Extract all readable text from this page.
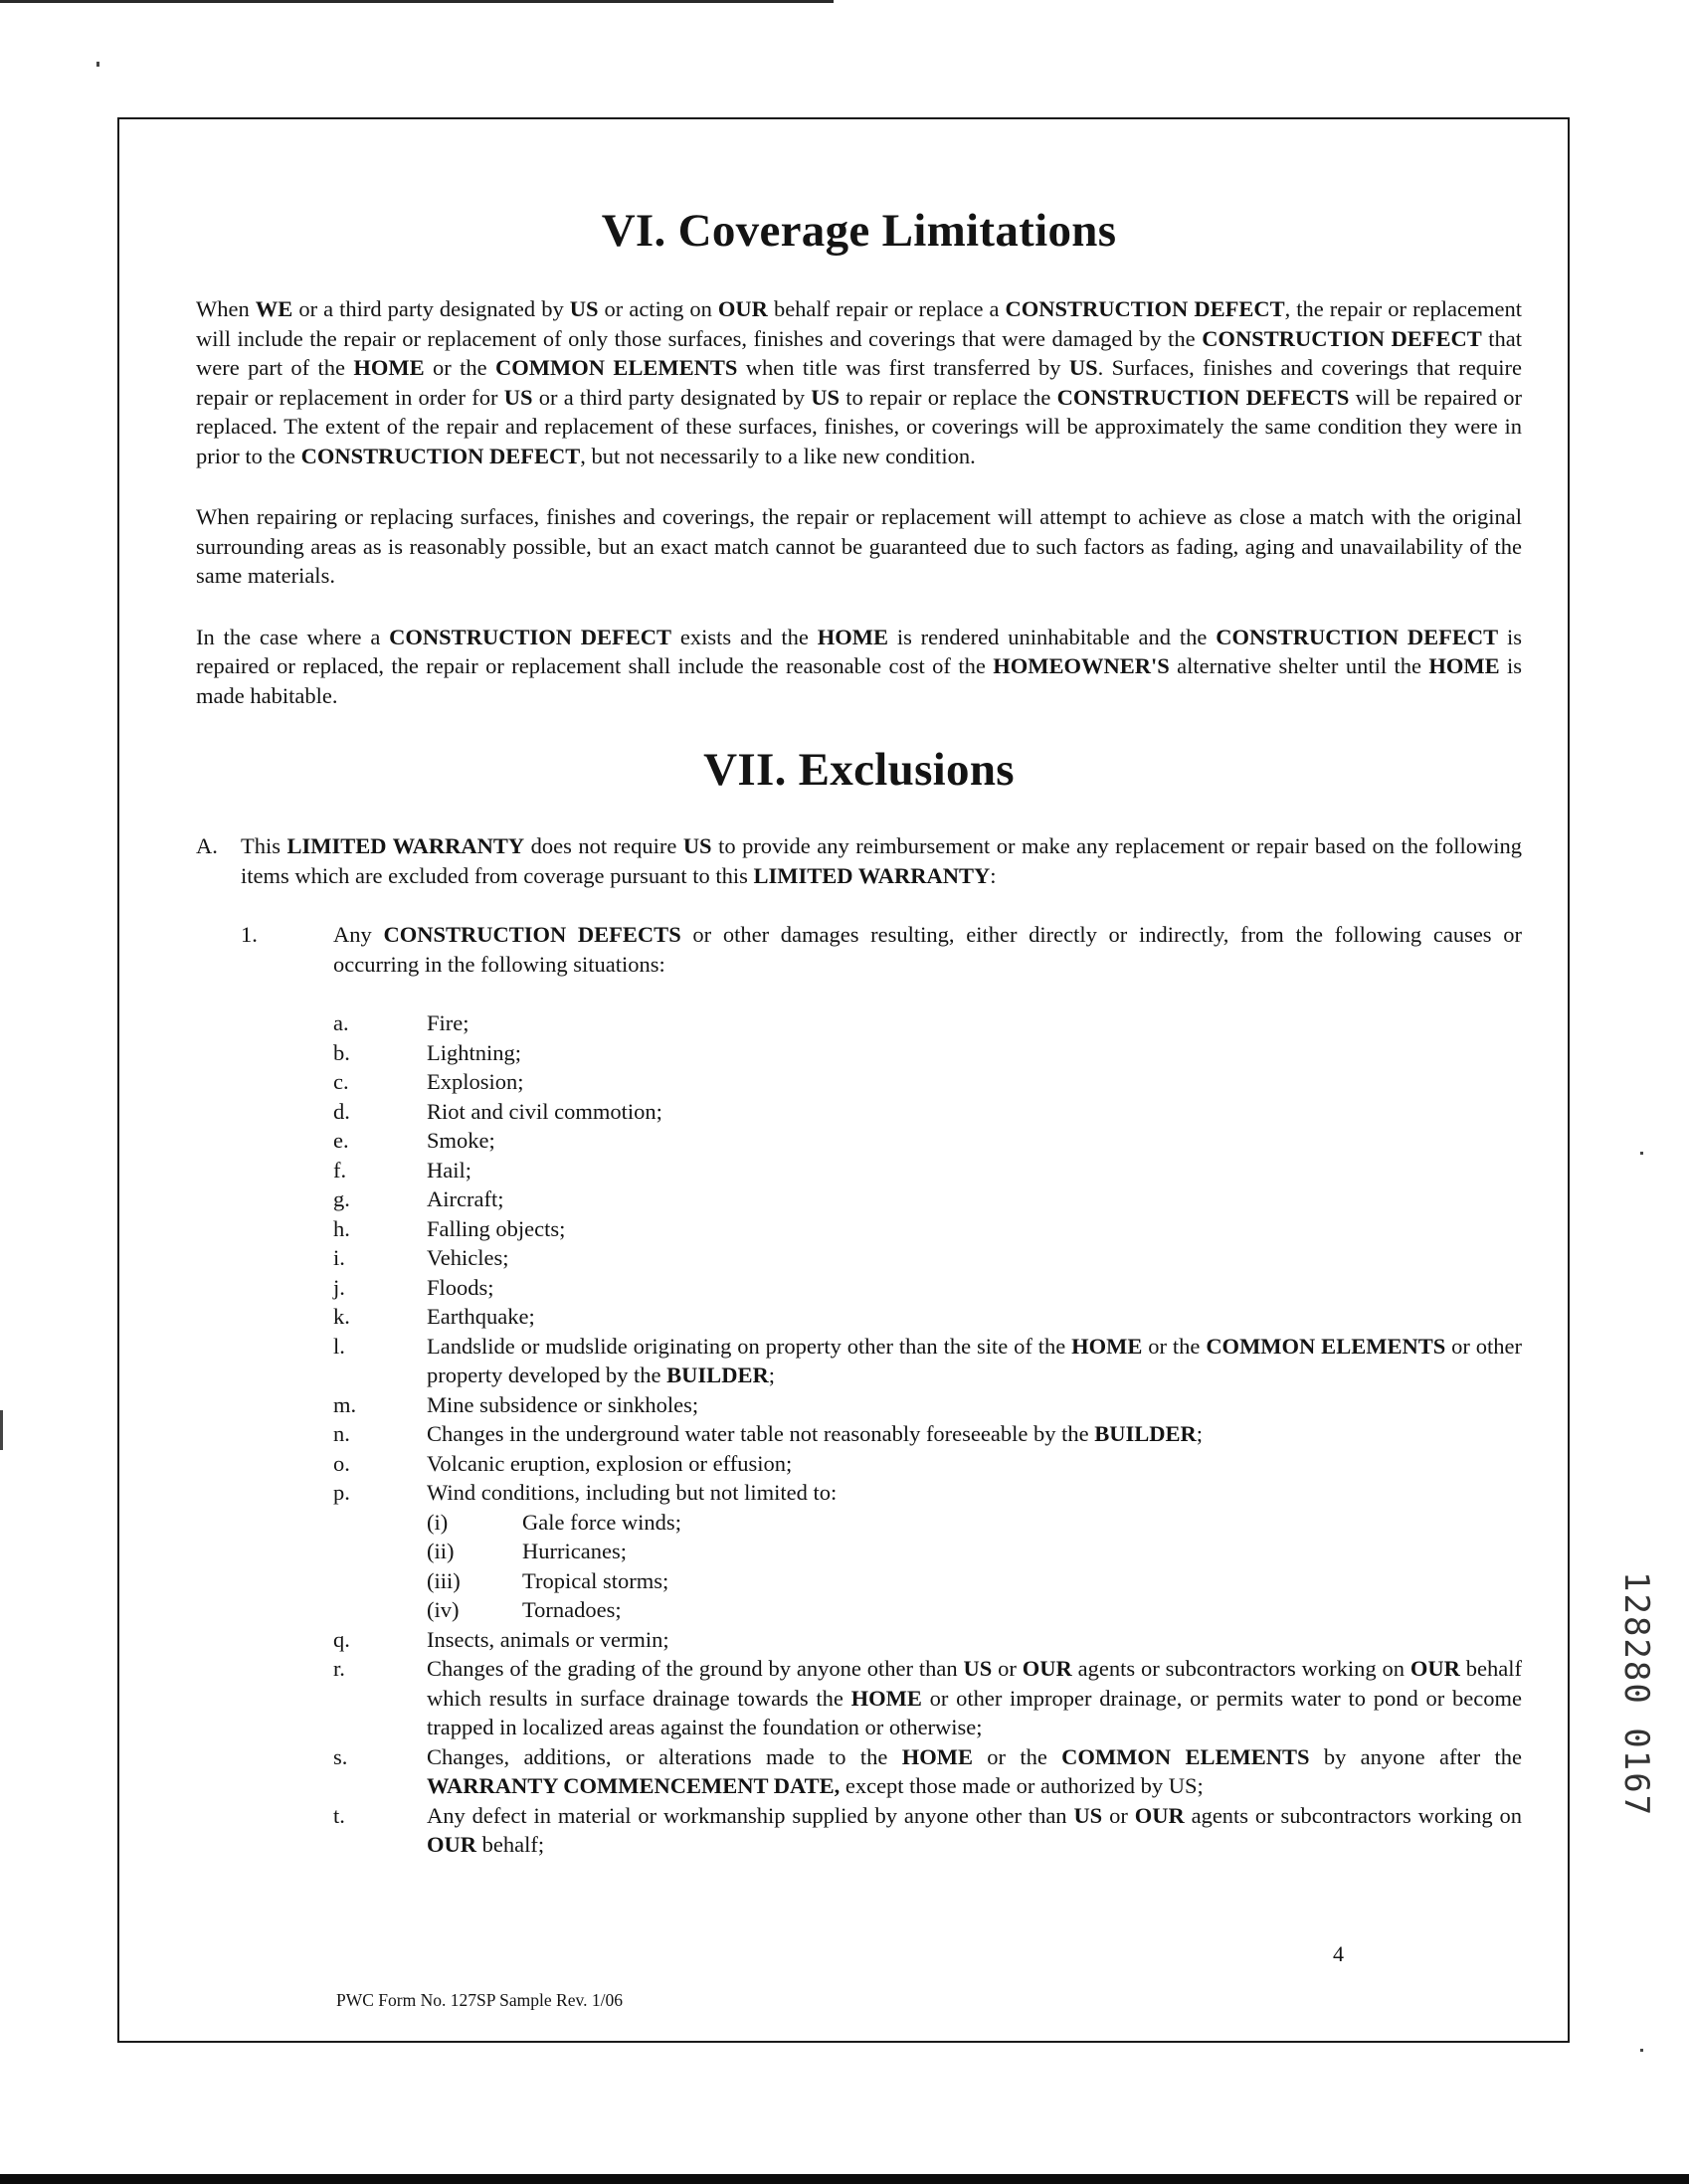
VI. Coverage Limitations

When WE or a third party designated by US or acting on OUR behalf repair or replace a CONSTRUCTION DEFECT, the repair or replacement will include the repair or replacement of only those surfaces, finishes and coverings that were damaged by the CONSTRUCTION DEFECT that were part of the HOME or the COMMON ELEMENTS when title was first transferred by US. Surfaces, finishes and coverings that require repair or replacement in order for US or a third party designated by US to repair or replace the CONSTRUCTION DEFECTS will be repaired or replaced. The extent of the repair and replacement of these surfaces, finishes, or coverings will be approximately the same condition they were in prior to the CONSTRUCTION DEFECT, but not necessarily to a like new condition.

When repairing or replacing surfaces, finishes and coverings, the repair or replacement will attempt to achieve as close a match with the original surrounding areas as is reasonably possible, but an exact match cannot be guaranteed due to such factors as fading, aging and unavailability of the same materials.

In the case where a CONSTRUCTION DEFECT exists and the HOME is rendered uninhabitable and the CONSTRUCTION DEFECT is repaired or replaced, the repair or replacement shall include the reasonable cost of the HOMEOWNER'S alternative shelter until the HOME is made habitable.

VII. Exclusions
A.	This LIMITED WARRANTY does not require US to provide any reimbursement or make any replacement or repair based on the following items which are excluded from coverage pursuant to this LIMITED WARRANTY:
1.	Any CONSTRUCTION DEFECTS or other damages resulting, either directly or indirectly, from the following causes or occurring in the following situations:
a.	Fire;
b.	Lightning;
c.	Explosion;
d.	Riot and civil commotion;
e.	Smoke;
f.	Hail;
g.	Aircraft;
h.	Falling objects;
i.	Vehicles;
j.	Floods;
k.	Earthquake;
l.	Landslide or mudslide originating on property other than the site of the HOME or the COMMON ELEMENTS or other property developed by the BUILDER;
m.	Mine subsidence or sinkholes;
n.	Changes in the underground water table not reasonably foreseeable by the BUILDER;
o.	Volcanic eruption, explosion or effusion;
p.	Wind conditions, including but not limited to:
(i)	Gale force winds;
(ii)	Hurricanes;
(iii)	Tropical storms;
(iv)	Tornadoes;
q.	Insects, animals or vermin;
r.	Changes of the grading of the ground by anyone other than US or OUR agents or subcontractors working on OUR behalf which results in surface drainage towards the HOME or other improper drainage, or permits water to pond or become trapped in localized areas against the foundation or otherwise;
s.	Changes, additions, or alterations made to the HOME or the COMMON ELEMENTS by anyone after the WARRANTY COMMENCEMENT DATE, except those made or authorized by US;
t.	Any defect in material or workmanship supplied by anyone other than US or OUR agents or subcontractors working on OUR behalf;
4
PWC Form No. 127SP Sample Rev. 1/06
128280 0167
